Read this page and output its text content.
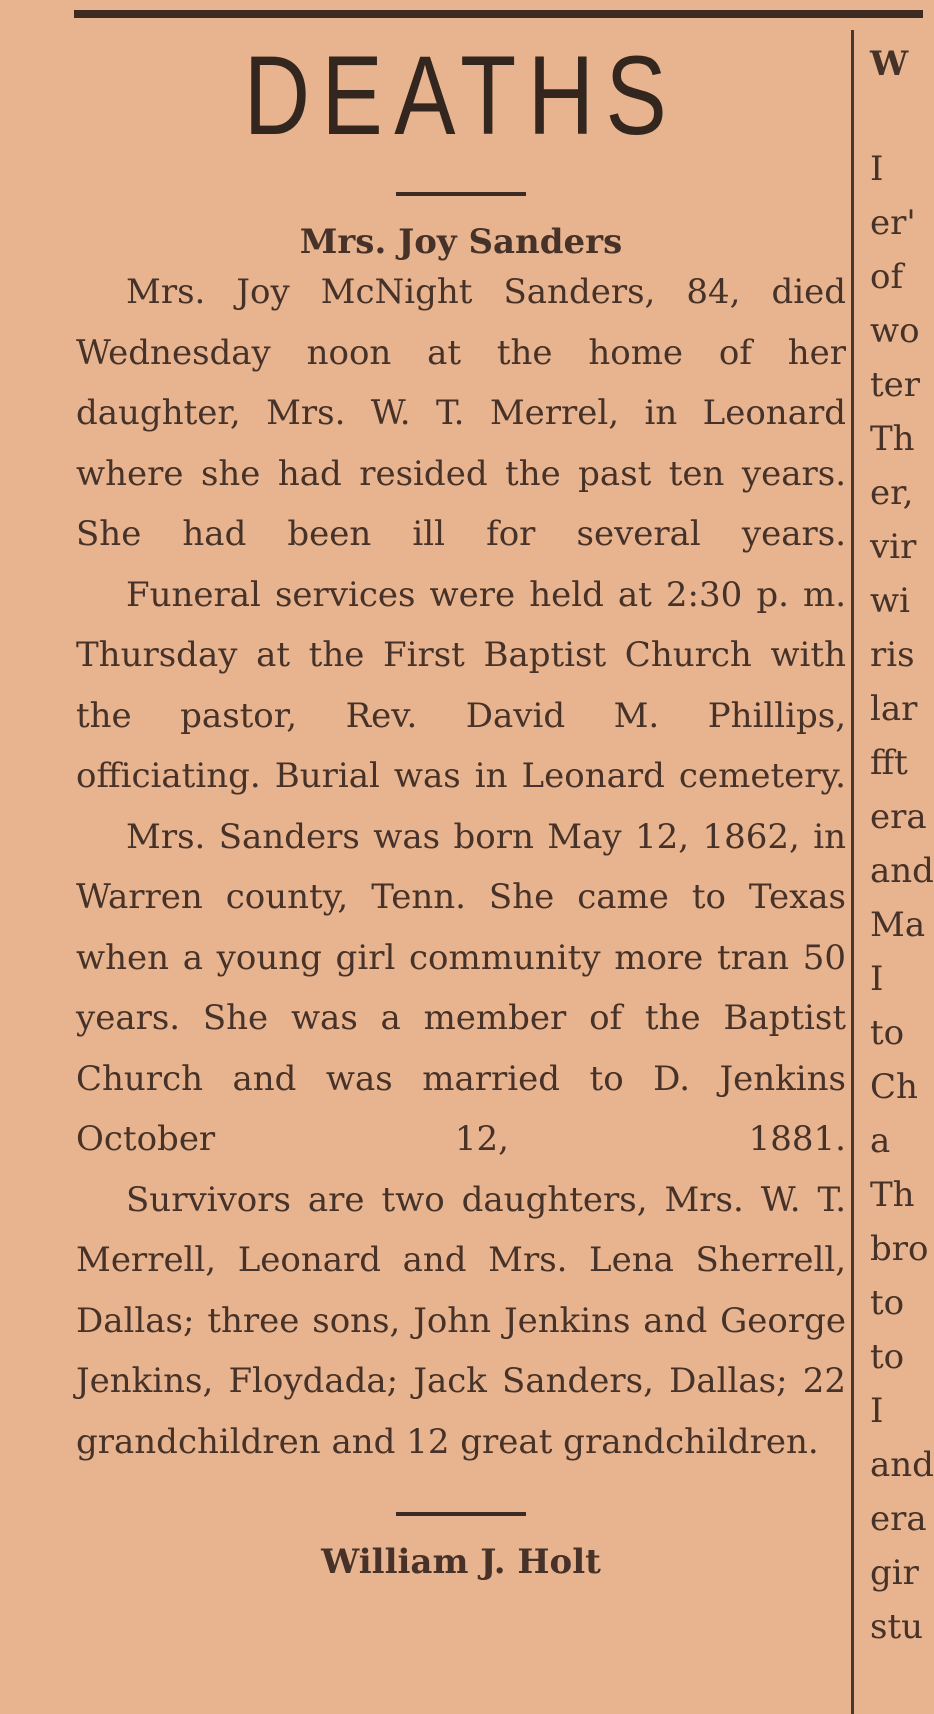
DEATHS
Mrs. Joy Sanders

Mrs. Joy McNight Sanders, 84, died Wednesday noon at the home of her daughter, Mrs. W. T. Merrel, in Leonard where she had resided the past ten years. She had been ill for several years.

Funeral services were held at 2:30 p. m. Thursday at the First Baptist Church with the pastor, Rev. David M. Phillips, officiating. Burial was in Leonard cemetery.

Mrs. Sanders was born May 12, 1862, in Warren county, Tenn. She came to Texas when a young girl community more tran 50 years. She was a member of the Baptist Church and was married to D. Jenkins October 12, 1881.

Survivors are two daughters, Mrs. W. T. Merrell, Leonard and Mrs. Lena Sherrell, Dallas; three sons, John Jenkins and George Jenkins, Floydada; Jack Sanders, Dallas; 22 grandchildren and 12 great grandchildren.

William J. Holt
W
I
er'
of
wo
ter
Th
er,
vir
wi
ris
lar
fft
era
and
Ma
I
to
Ch
a
Th
bro
to
to
I
and
era
gir
stu
